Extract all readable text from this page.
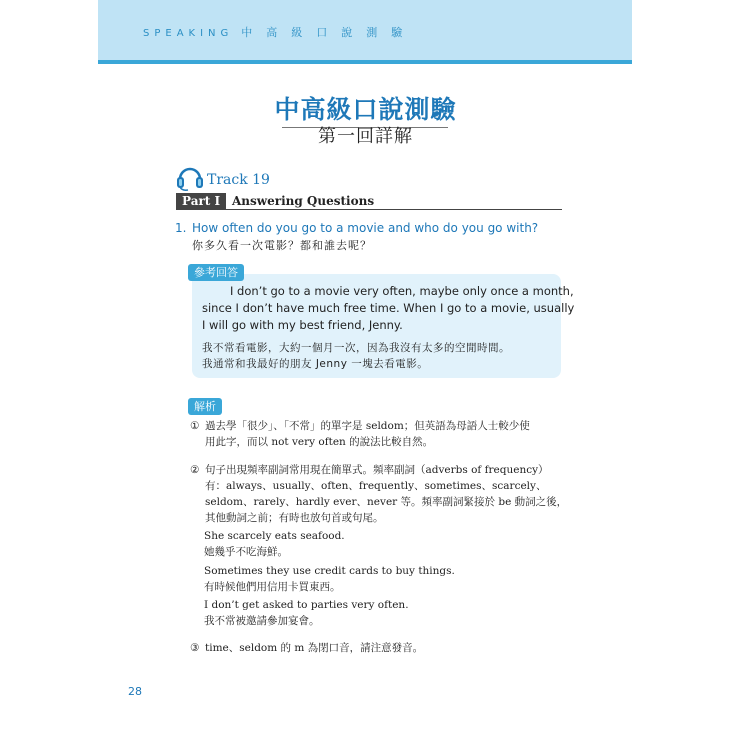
SPEAKING 中高級口說測驗
中高級口說測驗
第一回詳解
Track 19
Part I Answering Questions
1. How often do you go to a movie and who do you go with?
你多久看一次電影？都和誰去呢？
參考回答

I don’t go to a movie very often, maybe only once a month,

since I don’t have much free time. When I go to a movie, usually

I will go with my best friend, Jenny.

我不常看電影，大約一個月一次，因為我沒有太多的空閒時間。

我通常和我最好的朋友 Jenny 一塊去看電影。

解析
① 過去學「很少」、「不常」的單字是 seldom；但英語為母語人士較少使

用此字，而以 not very often 的說法比較自然。

② 句子出現頻率副詞常用現在簡單式。頻率副詞（adverbs of frequency）

有：always、usually、often、frequently、sometimes、scarcely、

seldom、rarely、hardly ever、never 等。頻率副詞緊接於 be 動詞之後，

其他動詞之前；有時也放句首或句尾。

She scarcely eats seafood.

她幾乎不吃海鮮。

Sometimes they use credit cards to buy things.

有時候他們用信用卡買東西。

I don’t get asked to parties very often.

我不常被邀請參加宴會。

③ time、seldom 的 m 為閉口音，請注意發音。

28
